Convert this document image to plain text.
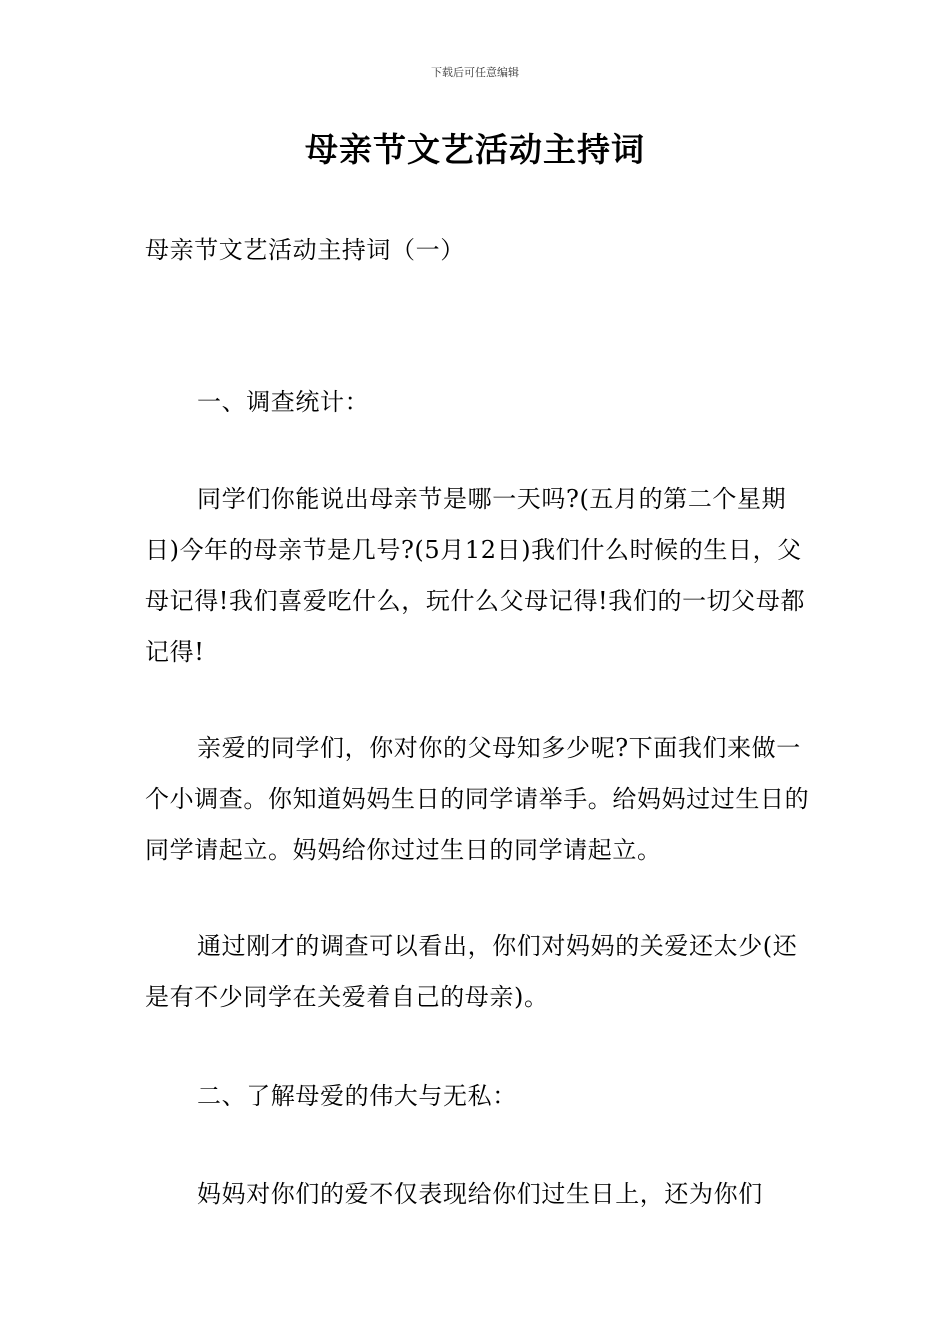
下载后可任意编辑
母亲节文艺活动主持词

母亲节文艺活动主持词（一）

一、调查统计：

同学们你能说出母亲节是哪一天吗?(五月的第二个星期日)今年的母亲节是几号?(5月12日)我们什么时候的生日，父母记得!我们喜爱吃什么，玩什么父母记得!我们的一切父母都记得!

亲爱的同学们，你对你的父母知多少呢?下面我们来做一个小调查。你知道妈妈生日的同学请举手。给妈妈过过生日的同学请起立。妈妈给你过过生日的同学请起立。

通过刚才的调查可以看出，你们对妈妈的关爱还太少(还是有不少同学在关爱着自己的母亲)。

二、了解母爱的伟大与无私：

妈妈对你们的爱不仅表现给你们过生日上，还为你们
